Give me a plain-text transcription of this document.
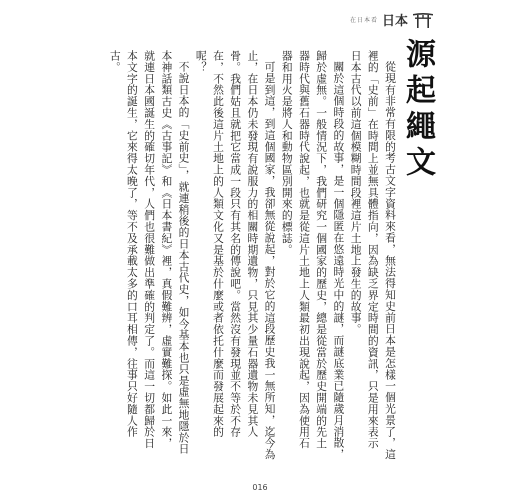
在日本看 日本
源起繩文

從現有非常有限的考古文字資料來看，無法得知史前日本是怎樣一個光景了，這裡的「史前」在時間上並無具體指向，因為缺乏界定時間的資訊，只是用來表示日本古代以前這個模糊時間段裡這片土地上發生的故事。

關於這個時段的故事，是一個隱匿在悠遠時光中的謎，而謎底業已隨歲月消散，歸於虛無。一般情況下，我們研究一個國家的歷史，總是從當於歷史開端的先土器時代與舊石器時代說起，也就是從這片土地上人類最初出現說起，因為使用石器和用火是將人和動物區別開來的標誌。

可是到這，到這個國家，我卻無從說起，對於它的這段歷史我一無所知，迄今為止，在日本仍未發現有說服力的相關時期遺物，只見其少量石器遺物未見其人骨。我們姑且就把它當成一段只有其名的傳說吧。當然沒有發現並不等於不存在，不然此後這片土地上的人類文化又是基於什麼或者依托什麼而發展起來的呢？

不說日本的「史前史」，就連稍後的日本古代史，如今基本也只是虛無地隱於日本神話類古史《古事記》和《日本書紀》裡，真假難辨，虛實難探。如此一來，就連日本國誕生的確切年代，人們也很難做出準確的判定了。而這一切都歸於日本文字的誕生，它來得太晚了，等不及承載太多的口耳相傳，往事只好隨人作古。

016
